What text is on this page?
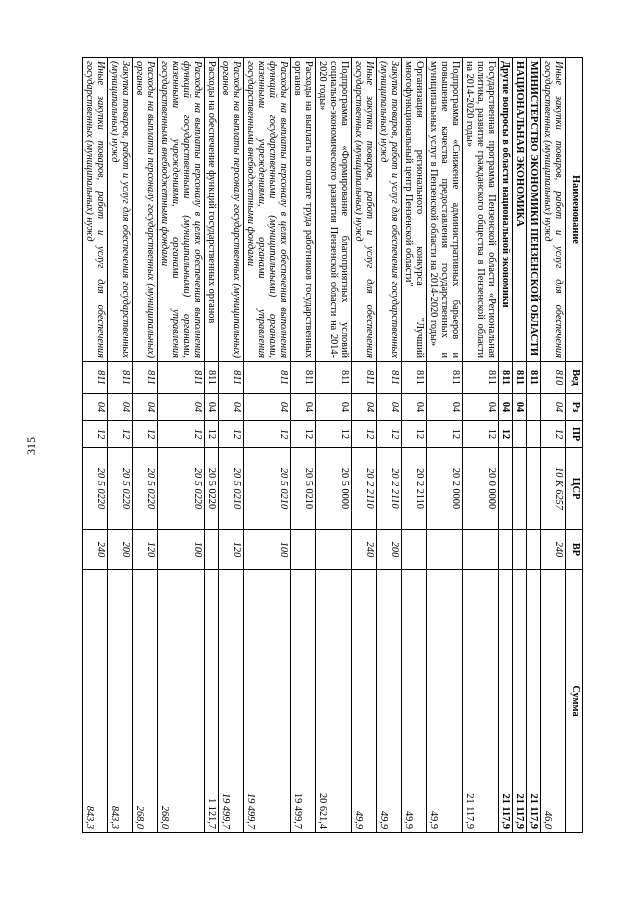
315
Наименование	Вед	Рз	ПР	ЦСР	ВР	Сумма
Иные закупки товаров, работ и услуг для обеспечения государственных (муниципальных) нужд	810	04	12	10 К 6257	240	46,0
МИНИСТЕРСТВО ЭКОНОМИКИ ПЕНЗЕНСКОЙ ОБЛАСТИ	811					21 117,9
НАЦИОНАЛЬНАЯ ЭКОНОМИКА	811	04				21 117,9
Другие вопросы в области национальной экономики	811	04	12			21 117,9
Государственная программа Пензенской области «Региональная политика, развитие гражданского общества в Пензенской области на 2014-2020 годы»	811	04	12	20 0 0000		21 117,9
Подпрограмма «Снижение административных барьеров и повышение качества предоставления государственных и муниципальных услуг в Пензенской области на 2014-2020 годы»	811	04	12	20 2 0000		49,9
Организация регионального конкурса "Лучший многофункциональный центр Пензенской области"	811	04	12	20 2 2110		49,9
Закупка товаров, работ и услуг для обеспечения государственных (муниципальных) нужд	811	04	12	20 2 2110	200	49,9
Иные закупки товаров, работ и услуг для обеспечения государственных (муниципальных) нужд	811	04	12	20 2 2110	240	49,9
Подпрограмма «Формирование благоприятных условий социально-экономического развития Пензенской области на 2014-2020 годы»	811	04	12	20 5 0000		20 621,4
Расходы на выплаты по оплате труда работников государственных органов	811	04	12	20 5 0210		19 499,7
Расходы на выплаты персоналу в целях обеспечения выполнения функций государственными (муниципальными) органами, казенными учреждениями, органами управления государственными внебюджетными фондами	811	04	12	20 5 0210	100	19 499,7
Расходы на выплаты персоналу государственных (муниципальных) органов	811	04	12	20 5 0210	120	19 499,7
Расходы на обеспечение функций государственных органов	811	04	12	20 5 0220		1 121,7
Расходы на выплаты персоналу в целях обеспечения выполнения функций государственными (муниципальными) органами, казенными учреждениями, органами управления государственными внебюджетными фондами	811	04	12	20 5 0220	100	268,0
Расходы на выплаты персоналу государственных (муниципальных) органов	811	04	12	20 5 0220	120	268,0
Закупка товаров, работ и услуг для обеспечения государственных (муниципальных) нужд	811	04	12	20 5 0220	200	843,3
Иные закупки товаров, работ и услуг для обеспечения государственных (муниципальных) нужд	811	04	12	20 5 0220	240	843,3
